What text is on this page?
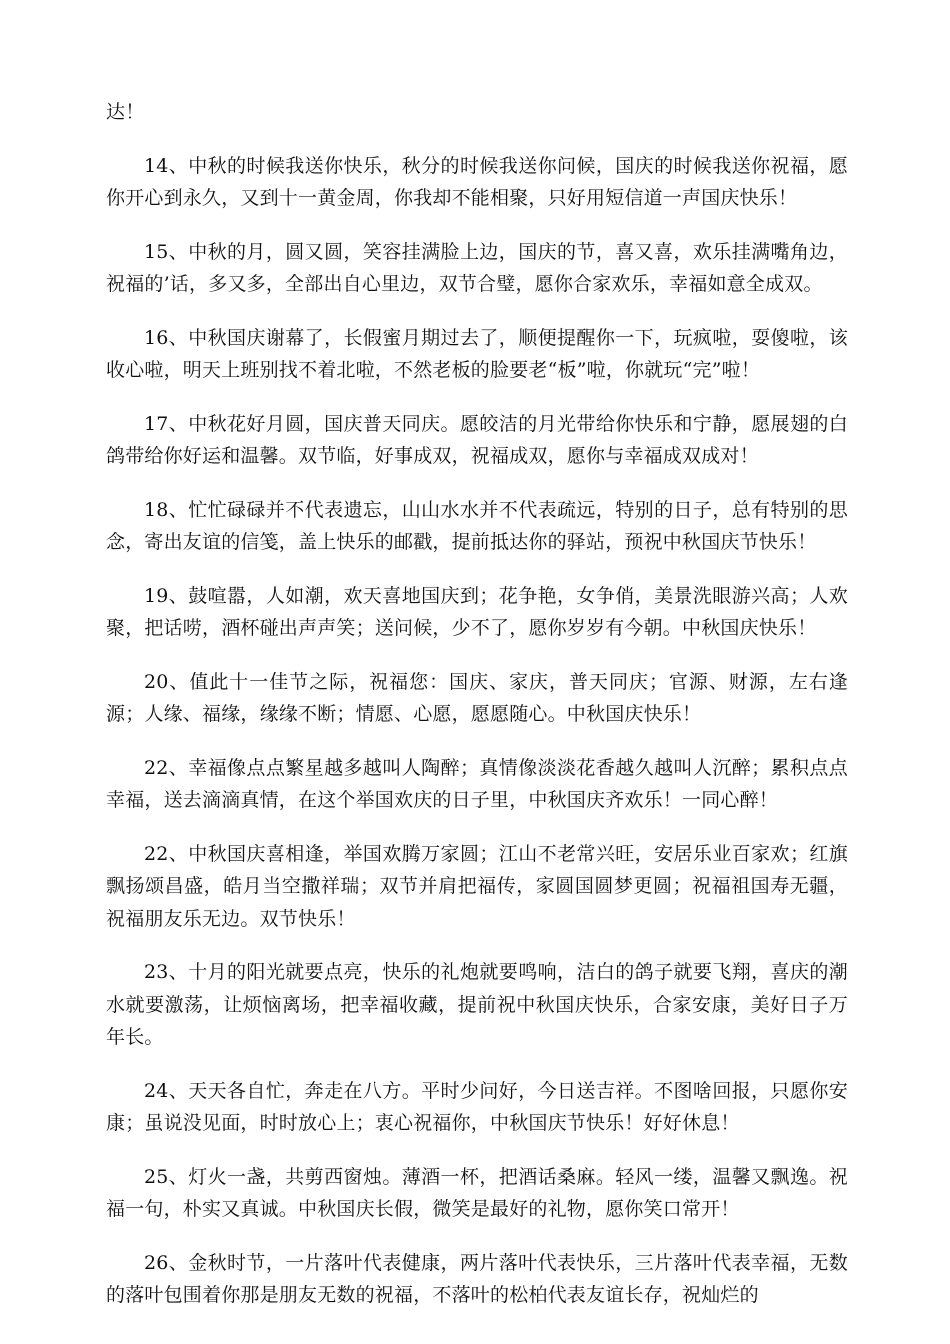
达！

14、中秋的时候我送你快乐，秋分的时候我送你问候，国庆的时候我送你祝福，愿你开心到永久，又到十一黄金周，你我却不能相聚，只好用短信道一声国庆快乐！

15、中秋的月，圆又圆，笑容挂满脸上边，国庆的节，喜又喜，欢乐挂满嘴角边，祝福的’话，多又多，全部出自心里边，双节合璧，愿你合家欢乐，幸福如意全成双。

16、中秋国庆谢幕了，长假蜜月期过去了，顺便提醒你一下，玩疯啦，耍傻啦，该收心啦，明天上班别找不着北啦，不然老板的脸要老“板”啦，你就玩“完”啦！

17、中秋花好月圆，国庆普天同庆。愿皎洁的月光带给你快乐和宁静，愿展翅的白鸽带给你好运和温馨。双节临，好事成双，祝福成双，愿你与幸福成双成对！

18、忙忙碌碌并不代表遗忘，山山水水并不代表疏远，特别的日子，总有特别的思念，寄出友谊的信笺，盖上快乐的邮戳，提前抵达你的驿站，预祝中秋国庆节快乐！

19、鼓喧嚣，人如潮，欢天喜地国庆到；花争艳，女争俏，美景洗眼游兴高；人欢聚，把话唠，酒杯碰出声声笑；送问候，少不了，愿你岁岁有今朝。中秋国庆快乐！

20、值此十一佳节之际，祝福您：国庆、家庆，普天同庆；官源、财源，左右逢源；人缘、福缘，缘缘不断；情愿、心愿，愿愿随心。中秋国庆快乐！

22、幸福像点点繁星越多越叫人陶醉；真情像淡淡花香越久越叫人沉醉；累积点点幸福，送去滴滴真情，在这个举国欢庆的日子里，中秋国庆齐欢乐！一同心醉！

22、中秋国庆喜相逢，举国欢腾万家圆；江山不老常兴旺，安居乐业百家欢；红旗飘扬颂昌盛，皓月当空撒祥瑞；双节并肩把福传，家圆国圆梦更圆；祝福祖国寿无疆，祝福朋友乐无边。双节快乐！

23、十月的阳光就要点亮，快乐的礼炮就要鸣响，洁白的鸽子就要飞翔，喜庆的潮水就要激荡，让烦恼离场，把幸福收藏，提前祝中秋国庆快乐，合家安康，美好日子万年长。

24、天天各自忙，奔走在八方。平时少问好，今日送吉祥。不图啥回报，只愿你安康；虽说没见面，时时放心上；衷心祝福你，中秋国庆节快乐！好好休息！

25、灯火一盏，共剪西窗烛。薄酒一杯，把酒话桑麻。轻风一缕，温馨又飘逸。祝福一句，朴实又真诚。中秋国庆长假，微笑是最好的礼物，愿你笑口常开！

26、金秋时节，一片落叶代表健康，两片落叶代表快乐，三片落叶代表幸福，无数的落叶包围着你那是朋友无数的祝福，不落叶的松柏代表友谊长存，祝灿烂的
